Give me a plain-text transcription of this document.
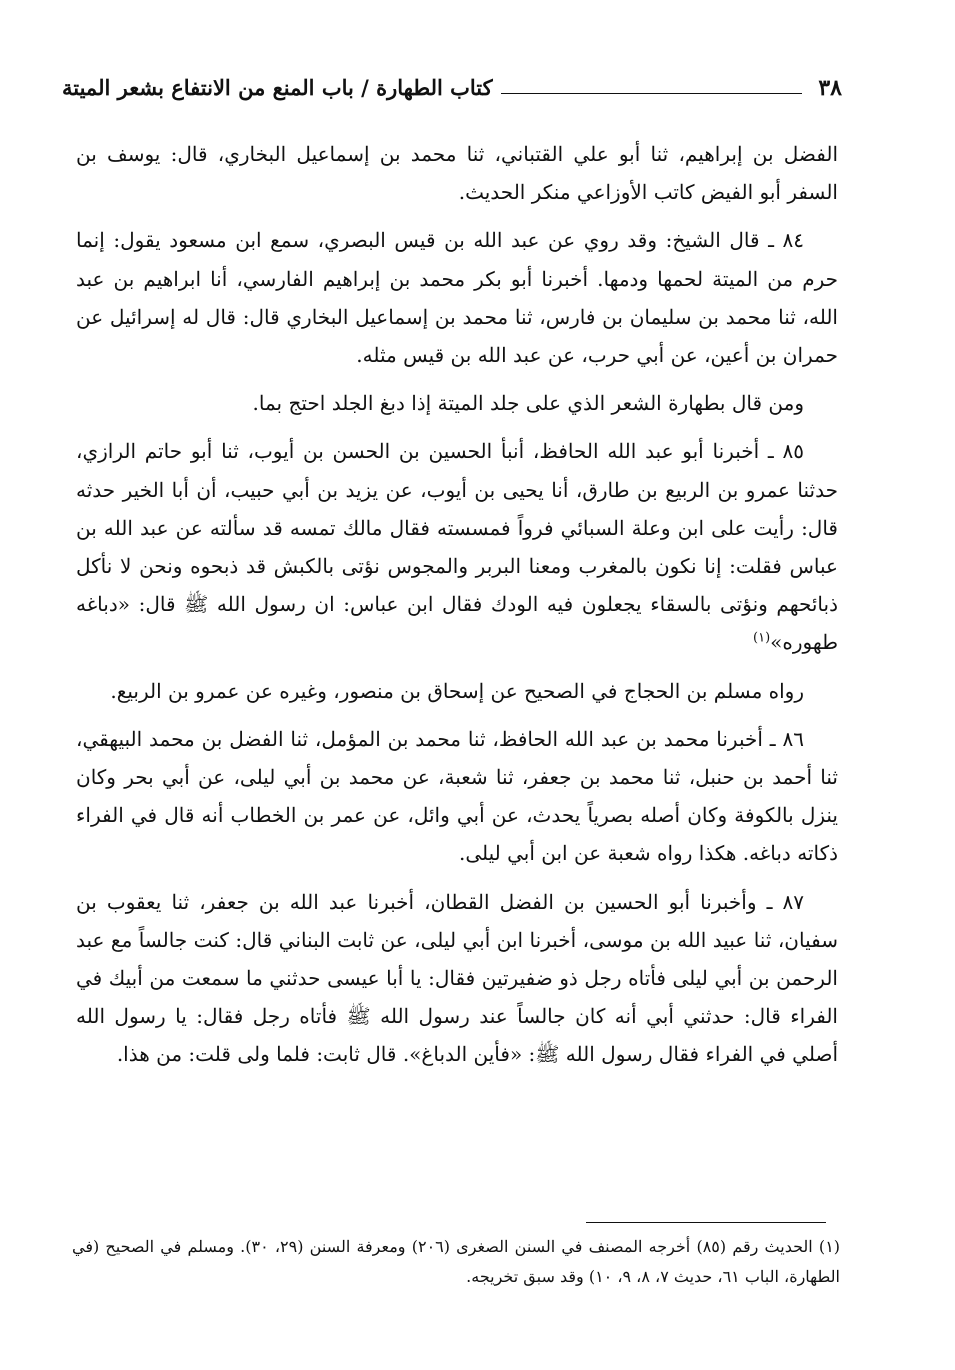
٣٨
كتاب الطهارة / باب المنع من الانتفاع بشعر الميتة

الفضل بن إبراهيم، ثنا أبو علي القتباني، ثنا محمد بن إسماعيل البخاري، قال: يوسف بن السفر أبو الفيض كاتب الأوزاعي منكر الحديث.

٨٤ ـ قال الشيخ: وقد روي عن عبد الله بن قيس البصري، سمع ابن مسعود يقول: إنما حرم من الميتة لحمها ودمها. أخبرنا أبو بكر محمد بن إبراهيم الفارسي، أنا ابراهيم بن عبد الله، ثنا محمد بن سليمان بن فارس، ثنا محمد بن إسماعيل البخاري قال: قال له إسرائيل عن حمران بن أعين، عن أبي حرب، عن عبد الله بن قيس مثله.

ومن قال بطهارة الشعر الذي على جلد الميتة إذا دبغ الجلد احتج بما.

٨٥ ـ أخبرنا أبو عبد الله الحافظ، أنبأ الحسين بن الحسن بن أيوب، ثنا أبو حاتم الرازي، حدثنا عمرو بن الربيع بن طارق، أنا يحيى بن أيوب، عن يزيد بن أبي حبيب، أن أبا الخير حدثه قال: رأيت على ابن وعلة السبائي فرواً فمسسته فقال مالك تمسه قد سألته عن عبد الله بن عباس فقلت: إنا نكون بالمغرب ومعنا البربر والمجوس نؤتى بالكبش قد ذبحوه ونحن لا نأكل ذبائحهم ونؤتى بالسقاء يجعلون فيه الودك فقال ابن عباس: ان رسول الله ﷺ قال: «دباغه طهوره»$^{(١)}$

رواه مسلم بن الحجاج في الصحيح عن إسحاق بن منصور، وغيره عن عمرو بن الربيع.

٨٦ ـ أخبرنا محمد بن عبد الله الحافظ، ثنا محمد بن المؤمل، ثنا الفضل بن محمد البيهقي، ثنا أحمد بن حنبل، ثنا محمد بن جعفر، ثنا شعبة، عن محمد بن أبي ليلى، عن أبي بحر وكان ينزل بالكوفة وكان أصله بصرياً يحدث، عن أبي وائل، عن عمر بن الخطاب أنه قال في الفراء ذكاته دباغه. هكذا رواه شعبة عن ابن أبي ليلى.

٨٧ ـ وأخبرنا أبو الحسين بن الفضل القطان، أخبرنا عبد الله بن جعفر، ثنا يعقوب بن سفيان، ثنا عبيد الله بن موسى، أخبرنا ابن أبي ليلى، عن ثابت البناني قال: كنت جالساً مع عبد الرحمن بن أبي ليلى فأتاه رجل ذو ضفيرتين فقال: يا أبا عيسى حدثني ما سمعت من أبيك في الفراء قال: حدثني أبي أنه كان جالساً عند رسول الله ﷺ فأتاه رجل فقال: يا رسول الله أصلي في الفراء فقال رسول الله ﷺ: «فأين الدباغ». قال ثابت: فلما ولى قلت: من هذا.

(١) الحديث رقم (٨٥) أخرجه المصنف في السنن الصغرى (٢٠٦) ومعرفة السنن (٢٩، ٣٠). ومسلم في الصحيح (في الطهارة، الباب ٦١، حديث ٧، ٨، ٩، ١٠) وقد سبق تخريجه.
